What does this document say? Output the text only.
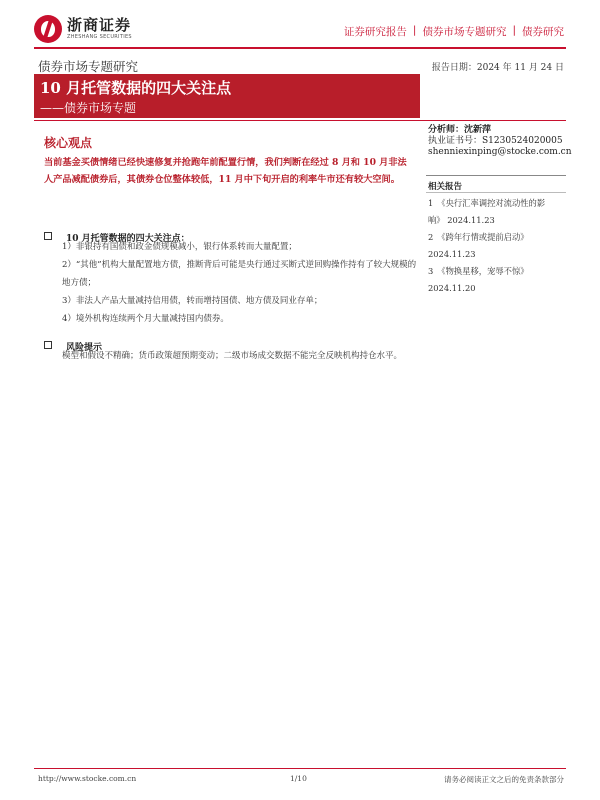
浙商证券
ZHESHANG SECURITIES	证券研究报告 | 债券市场专题研究 | 债券研究
债券市场专题研究	报告日期：2024 年 11 月 24 日
10 月托管数据的四大关注点
——债券市场专题
核心观点
当前基金买债情绪已经快速修复并抢跑年前配置行情，我们判断在经过 8 月和 10 月非法人产品减配债券后，其债券仓位整体较低，11 月中下旬开启的利率牛市还有较大空间。
分析师：沈新萍
执业证书号：S1230524020005
shenniexinping@stocke.com.cn
相关报告
1 《央行汇率调控对流动性的影响》 2024.11.23
2 《跨年行情或提前启动》
2024.11.23
3 《物换星移，宠辱不惊》
2024.11.20
10 月托管数据的四大关注点：
1）非银持有国债和政金债规模减小，银行体系转而大量配置；
2）“其他”机构大量配置地方债，推断背后可能是央行通过买断式逆回购操作持有了较大规模的地方债；
3）非法人产品大量减持信用债，转而增持国债、地方债及同业存单；
4）境外机构连续两个月大量减持国内债券。
风险提示
模型和假设不精确；货币政策超预期变动；二级市场成交数据不能完全反映机构持仓水平。
http://www.stocke.com.cn	1/10	请务必阅读正文之后的免责条款部分
